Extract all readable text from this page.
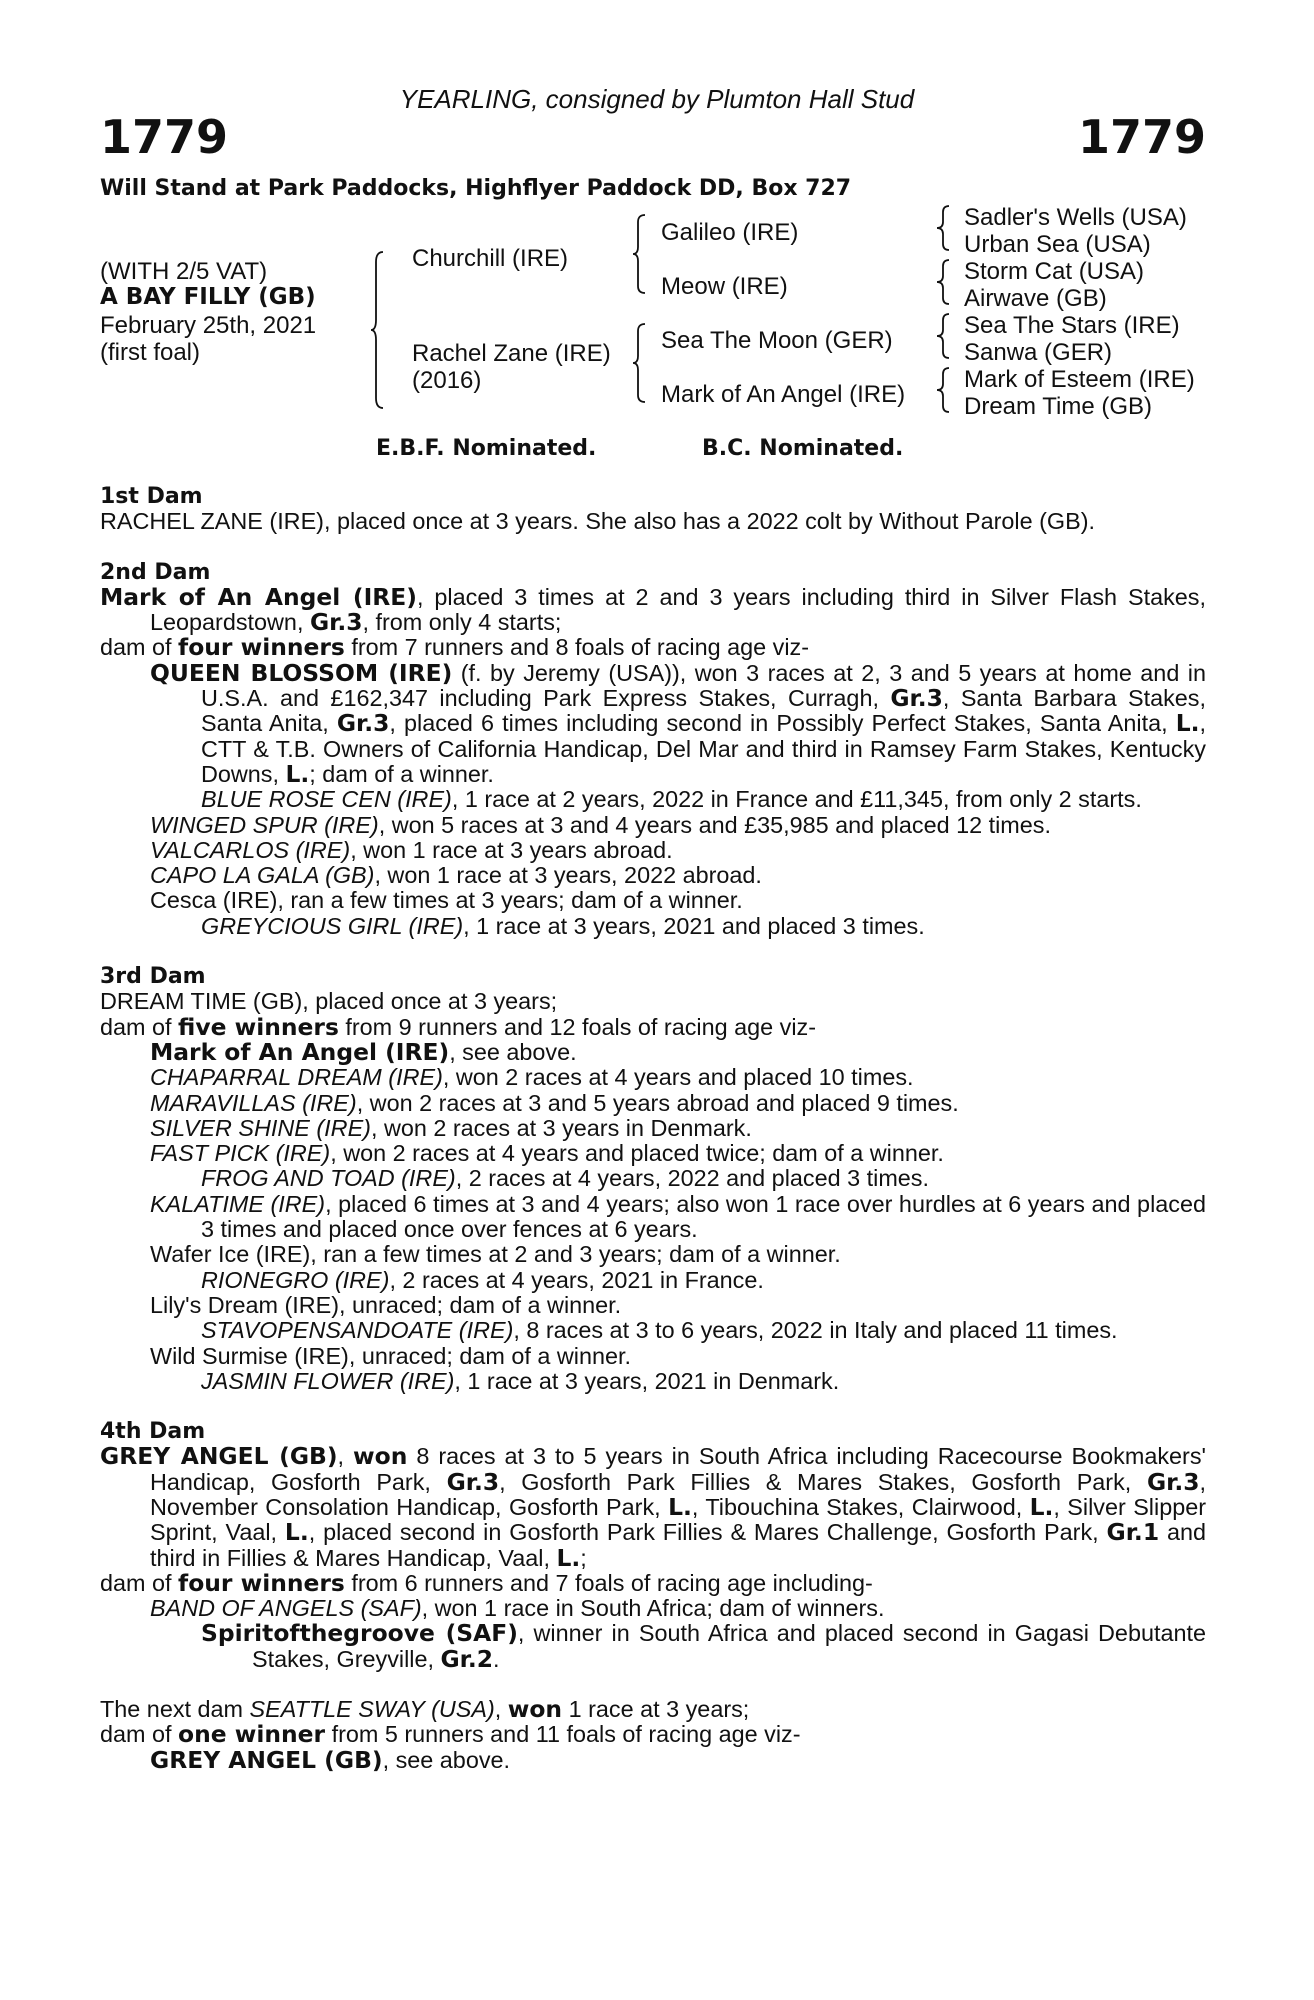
YEARLING, consigned by Plumton Hall Stud
1779	1779
Will Stand at Park Paddocks, Highflyer Paddock DD, Box 727
(WITH 2/5 VAT)
A BAY FILLY (GB)
February 25th, 2021
(first foal)
Churchill (IRE)
Rachel Zane (IRE)
(2016)
Galileo (IRE)
Meow (IRE)
Sea The Moon (GER)
Mark of An Angel (IRE)
Sadler's Wells (USA)
Urban Sea (USA)
Storm Cat (USA)
Airwave (GB)
Sea The Stars (IRE)
Sanwa (GER)
Mark of Esteem (IRE)
Dream Time (GB)
E.B.F. Nominated.	B.C. Nominated.
1st Dam
RACHEL ZANE (IRE), placed once at 3 years. She also has a 2022 colt by Without Parole (GB).
2nd Dam
Mark of An Angel (IRE), placed 3 times at 2 and 3 years including third in Silver Flash Stakes, Leopardstown, Gr.3, from only 4 starts;
dam of four winners from 7 runners and 8 foals of racing age viz-
QUEEN BLOSSOM (IRE) (f. by Jeremy (USA)), won 3 races at 2, 3 and 5 years at home and in U.S.A. and £162,347 including Park Express Stakes, Curragh, Gr.3, Santa Barbara Stakes, Santa Anita, Gr.3, placed 6 times including second in Possibly Perfect Stakes, Santa Anita, L., CTT & T.B. Owners of California Handicap, Del Mar and third in Ramsey Farm Stakes, Kentucky Downs, L.; dam of a winner.
BLUE ROSE CEN (IRE), 1 race at 2 years, 2022 in France and £11,345, from only 2 starts.
WINGED SPUR (IRE), won 5 races at 3 and 4 years and £35,985 and placed 12 times.
VALCARLOS (IRE), won 1 race at 3 years abroad.
CAPO LA GALA (GB), won 1 race at 3 years, 2022 abroad.
Cesca (IRE), ran a few times at 3 years; dam of a winner.
GREYCIOUS GIRL (IRE), 1 race at 3 years, 2021 and placed 3 times.
3rd Dam
DREAM TIME (GB), placed once at 3 years;
dam of five winners from 9 runners and 12 foals of racing age viz-
Mark of An Angel (IRE), see above.
CHAPARRAL DREAM (IRE), won 2 races at 4 years and placed 10 times.
MARAVILLAS (IRE), won 2 races at 3 and 5 years abroad and placed 9 times.
SILVER SHINE (IRE), won 2 races at 3 years in Denmark.
FAST PICK (IRE), won 2 races at 4 years and placed twice; dam of a winner.
FROG AND TOAD (IRE), 2 races at 4 years, 2022 and placed 3 times.
KALATIME (IRE), placed 6 times at 3 and 4 years; also won 1 race over hurdles at 6 years and placed 3 times and placed once over fences at 6 years.
Wafer Ice (IRE), ran a few times at 2 and 3 years; dam of a winner.
RIONEGRO (IRE), 2 races at 4 years, 2021 in France.
Lily's Dream (IRE), unraced; dam of a winner.
STAVOPENSANDOATE (IRE), 8 races at 3 to 6 years, 2022 in Italy and placed 11 times.
Wild Surmise (IRE), unraced; dam of a winner.
JASMIN FLOWER (IRE), 1 race at 3 years, 2021 in Denmark.
4th Dam
GREY ANGEL (GB), won 8 races at 3 to 5 years in South Africa including Racecourse Bookmakers' Handicap, Gosforth Park, Gr.3, Gosforth Park Fillies & Mares Stakes, Gosforth Park, Gr.3, November Consolation Handicap, Gosforth Park, L., Tibouchina Stakes, Clairwood, L., Silver Slipper Sprint, Vaal, L., placed second in Gosforth Park Fillies & Mares Challenge, Gosforth Park, Gr.1 and third in Fillies & Mares Handicap, Vaal, L.;
dam of four winners from 6 runners and 7 foals of racing age including-
BAND OF ANGELS (SAF), won 1 race in South Africa; dam of winners.
Spiritofthegroove (SAF), winner in South Africa and placed second in Gagasi Debutante Stakes, Greyville, Gr.2.
The next dam SEATTLE SWAY (USA), won 1 race at 3 years;
dam of one winner from 5 runners and 11 foals of racing age viz-
GREY ANGEL (GB), see above.
